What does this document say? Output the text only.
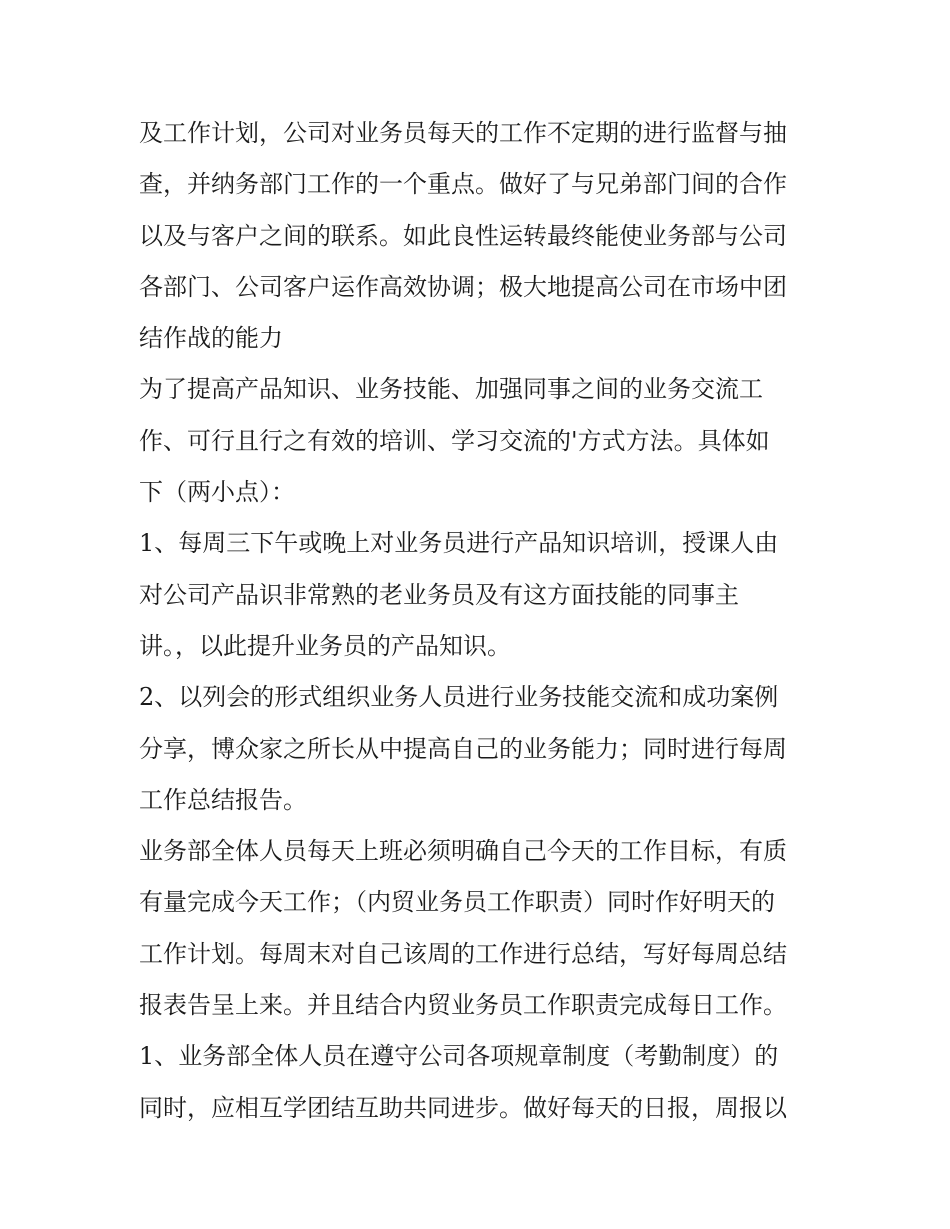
及工作计划，公司对业务员每天的工作不定期的进行监督与抽
查，并纳务部门工作的一个重点。做好了与兄弟部门间的合作
以及与客户之间的联系。如此良性运转最终能使业务部与公司
各部门、公司客户运作高效协调；极大地提高公司在市场中团
结作战的能力
为了提高产品知识、业务技能、加强同事之间的业务交流工
作、可行且行之有效的培训、学习交流的'方式方法。具体如
下（两小点）：
1、每周三下午或晚上对业务员进行产品知识培训，授课人由
对公司产品识非常熟的老业务员及有这方面技能的同事主
讲。，以此提升业务员的产品知识。
2、以列会的形式组织业务人员进行业务技能交流和成功案例
分享，博众家之所长从中提高自己的业务能力；同时进行每周
工作总结报告。
业务部全体人员每天上班必须明确自己今天的工作目标，有质
有量完成今天工作；（内贸业务员工作职责）同时作好明天的
工作计划。每周末对自己该周的工作进行总结，写好每周总结
报表告呈上来。并且结合内贸业务员工作职责完成每日工作。
1、业务部全体人员在遵守公司各项规章制度（考勤制度）的
同时，应相互学团结互助共同进步。做好每天的日报，周报以
